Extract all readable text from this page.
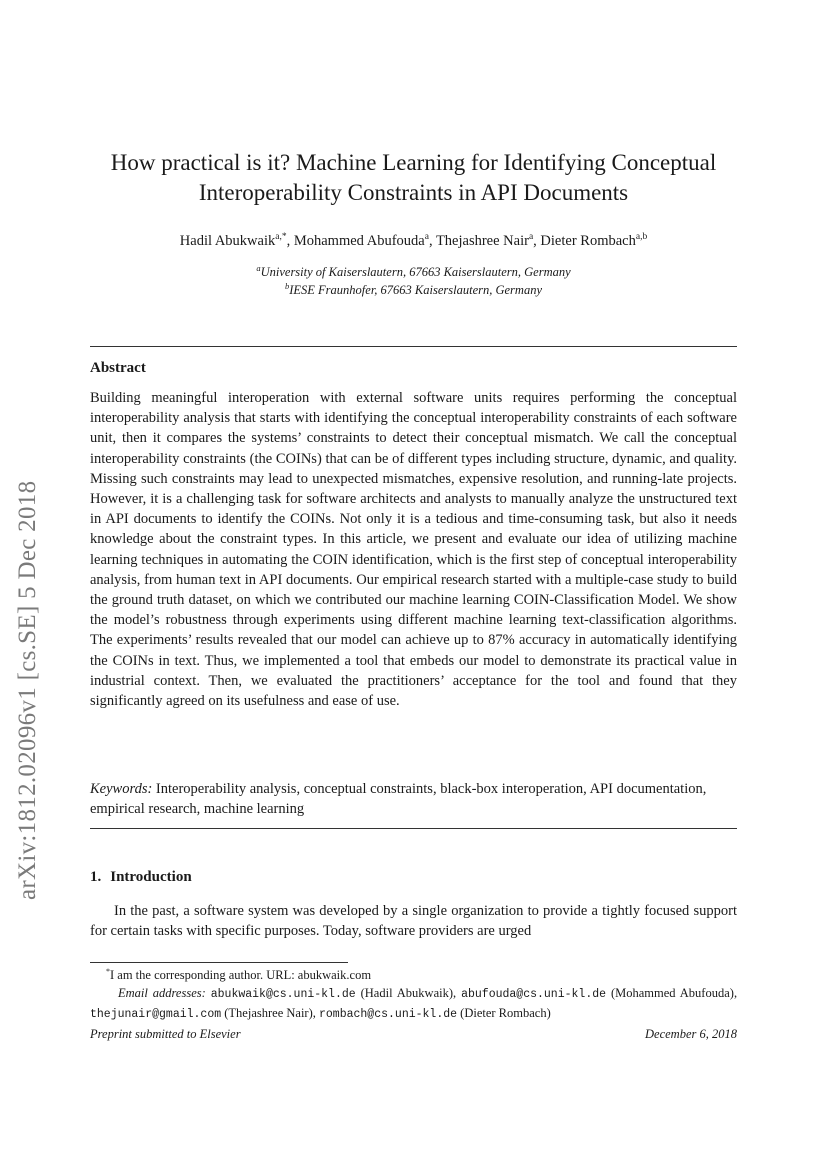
arXiv:1812.02096v1 [cs.SE] 5 Dec 2018
How practical is it? Machine Learning for Identifying Conceptual
Interoperability Constraints in API Documents
Hadil Abukwaik$^{a,*}$, Mohammed Abufouda$^a$, Thejashree Nair$^a$, Dieter Rombach$^{a,b}$
$^a$University of Kaiserslautern, 67663 Kaiserslautern, Germany
$^b$IESE Fraunhofer, 67663 Kaiserslautern, Germany
Abstract

Building meaningful interoperation with external software units requires performing the conceptual interoperability analysis that starts with identifying the conceptual interoperability constraints of each software unit, then it compares the systems’ constraints to detect their conceptual mismatch. We call the conceptual interoperability constraints (the COINs) that can be of different types including structure, dynamic, and quality. Missing such constraints may lead to unexpected mismatches, expensive resolution, and running-late projects. However, it is a challenging task for software architects and analysts to manually analyze the unstructured text in API documents to identify the COINs. Not only it is a tedious and time-consuming task, but also it needs knowledge about the constraint types. In this article, we present and evaluate our idea of utilizing machine learning techniques in automating the COIN identification, which is the first step of conceptual interoperability analysis, from human text in API documents. Our empirical research started with a multiple-case study to build the ground truth dataset, on which we contributed our machine learning COIN-Classification Model. We show the model’s robustness through experiments using different machine learning text-classification algorithms. The experiments’ results revealed that our model can achieve up to 87% accuracy in automatically identifying the COINs in text. Thus, we implemented a tool that embeds our model to demonstrate its practical value in industrial context. Then, we evaluated the practitioners’ acceptance for the tool and found that they significantly agreed on its usefulness and ease of use.

Keywords: Interoperability analysis, conceptual constraints, black-box interoperation, API documentation, empirical research, machine learning

1. Introduction

In the past, a software system was developed by a single organization to provide a tightly focused support for certain tasks with specific purposes. Today, software providers are urged

*I am the corresponding author. URL: abukwaik.com
Email addresses: abukwaik@cs.uni-kl.de (Hadil Abukwaik), abufouda@cs.uni-kl.de (Mohammed Abufouda), thejunair@gmail.com (Thejashree Nair), rombach@cs.uni-kl.de (Dieter Rombach)
Preprint submitted to Elsevier	December 6, 2018
